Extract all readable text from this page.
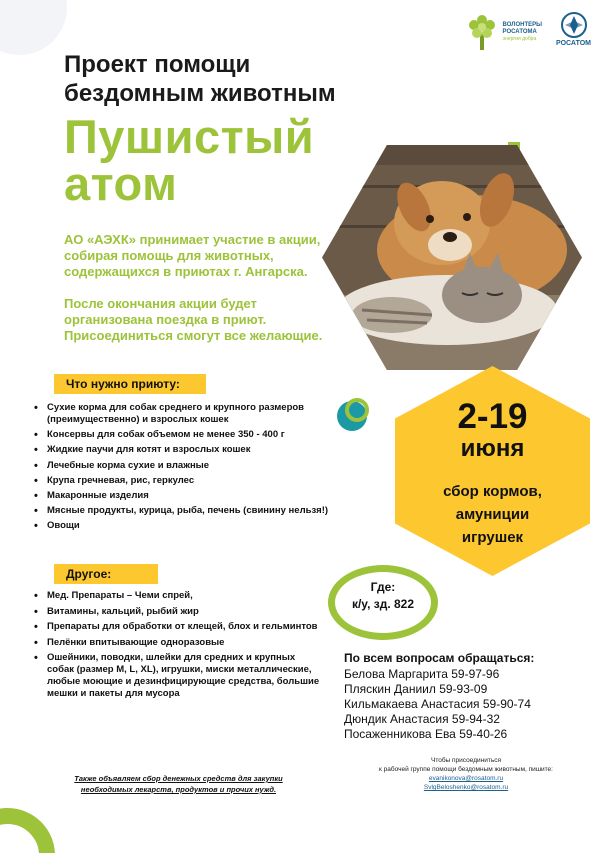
ВОЛОНТЕРЫ
РОСАТОМА
энергия добра
РОСАТОМ
Проект помощи
бездомным животным
Пушистый
атом

АО «АЭХК» принимает участие в акции, собирая помощь для животных, содержащихся в приютах г. Ангарска.

После окончания акции будет организована поездка в приют. Присоединиться смогут все желающие.

2-19
июня
сбор кормов,
амуниции
игрушек
Что нужно приюту:
• Сухие корма для собак среднего и крупного размеров (преимущественно) и взрослых кошек
• Консервы для собак объемом не менее 350 - 400 г
• Жидкие паучи для котят и взрослых кошек
• Лечебные корма сухие и влажные
• Крупа гречневая, рис, геркулес
• Макаронные изделия
• Мясные продукты, курица, рыба, печень (свинину нельзя!)
• Овощи
Другое:
• Мед. Препараты – Чеми спрей,
• Витамины, кальций, рыбий жир
• Препараты для обработки от клещей, блох и гельминтов
• Пелёнки впитывающие одноразовые
• Ошейники, поводки, шлейки для средних и крупных собак (размер M, L, XL), игрушки, миски металлические, любые моющие и дезинфицирующие средства, большие мешки и пакеты для мусора
Где:
к/у, зд. 822
По всем вопросам обращаться:
Белова Маргарита 59-97-96
Пляскин Даниил 59-93-09
Кильмакаева Анастасия 59-90-74
Дюндик Анастасия 59-94-32
Посаженникова Ева 59-40-26
Чтобы присоединиться
к рабочей группе помощи бездомным животным, пишите:
evanikonova@rosatom.ru
SvlgBeloshenko@rosatom.ru
Также объявляем сбор денежных средств для закупки
необходимых лекарств, продуктов и прочих нужд.
